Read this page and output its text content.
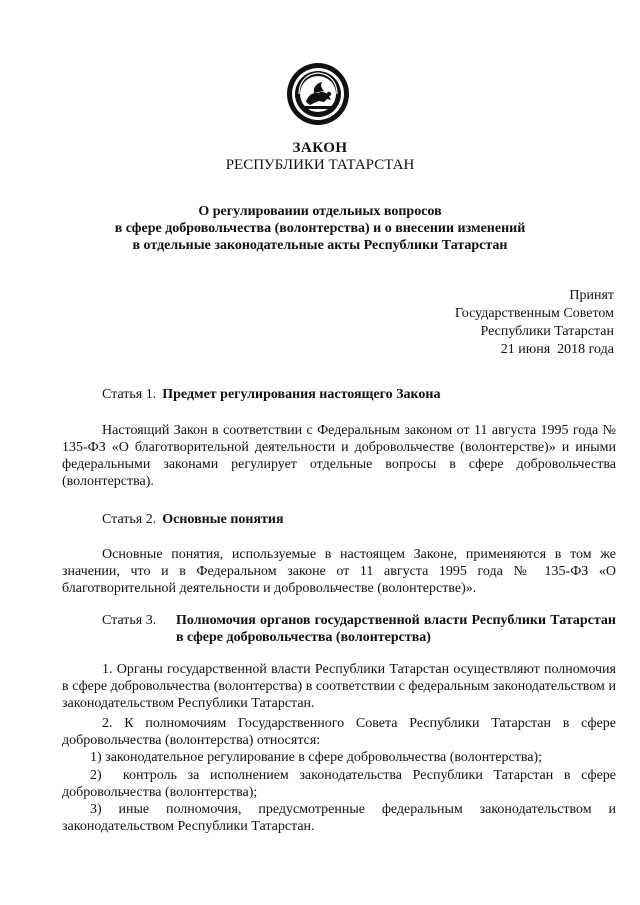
ЗАКОН
РЕСПУБЛИКИ ТАТАРСТАН
О регулировании отдельных вопросов
в сфере добровольчества (волонтерства) и о внесении изменений
в отдельные законодательные акты Республики Татарстан
Принят
Государственным Советом
Республики Татарстан
21 июня  2018 года
Статья 1. Предмет регулирования настоящего Закона

Настоящий Закон в соответствии с Федеральным законом от 11 августа 1995 года № 135-ФЗ «О благотворительной деятельности и добровольчестве (волонтерстве)» и иными федеральными законами регулирует отдельные вопросы в сфере добровольчества (волонтерства).

Статья 2. Основные понятия

Основные понятия, используемые в настоящем Законе, применяются в том же значении, что и в Федеральном законе от 11 августа 1995 года № 135-ФЗ «О благотворительной деятельности и добровольчестве (волонтерстве)».

Статья 3. Полномочия органов государственной власти Республики Татарстан в сфере добровольчества (волонтерства)

1. Органы государственной власти Республики Татарстан осуществляют полномочия в сфере добровольчества (волонтерства) в соответствии с федеральным законодательством и законодательством Республики Татарстан.

2. К полномочиям Государственного Совета Республики Татарстан в сфере добровольчества (волонтерства) относятся:

1) законодательное регулирование в сфере добровольчества (волонтерства);

2)  контроль за исполнением законодательства Республики Татарстан в сфере добровольчества (волонтерства);

3) иные полномочия, предусмотренные федеральным законодательством и законодательством Республики Татарстан.
